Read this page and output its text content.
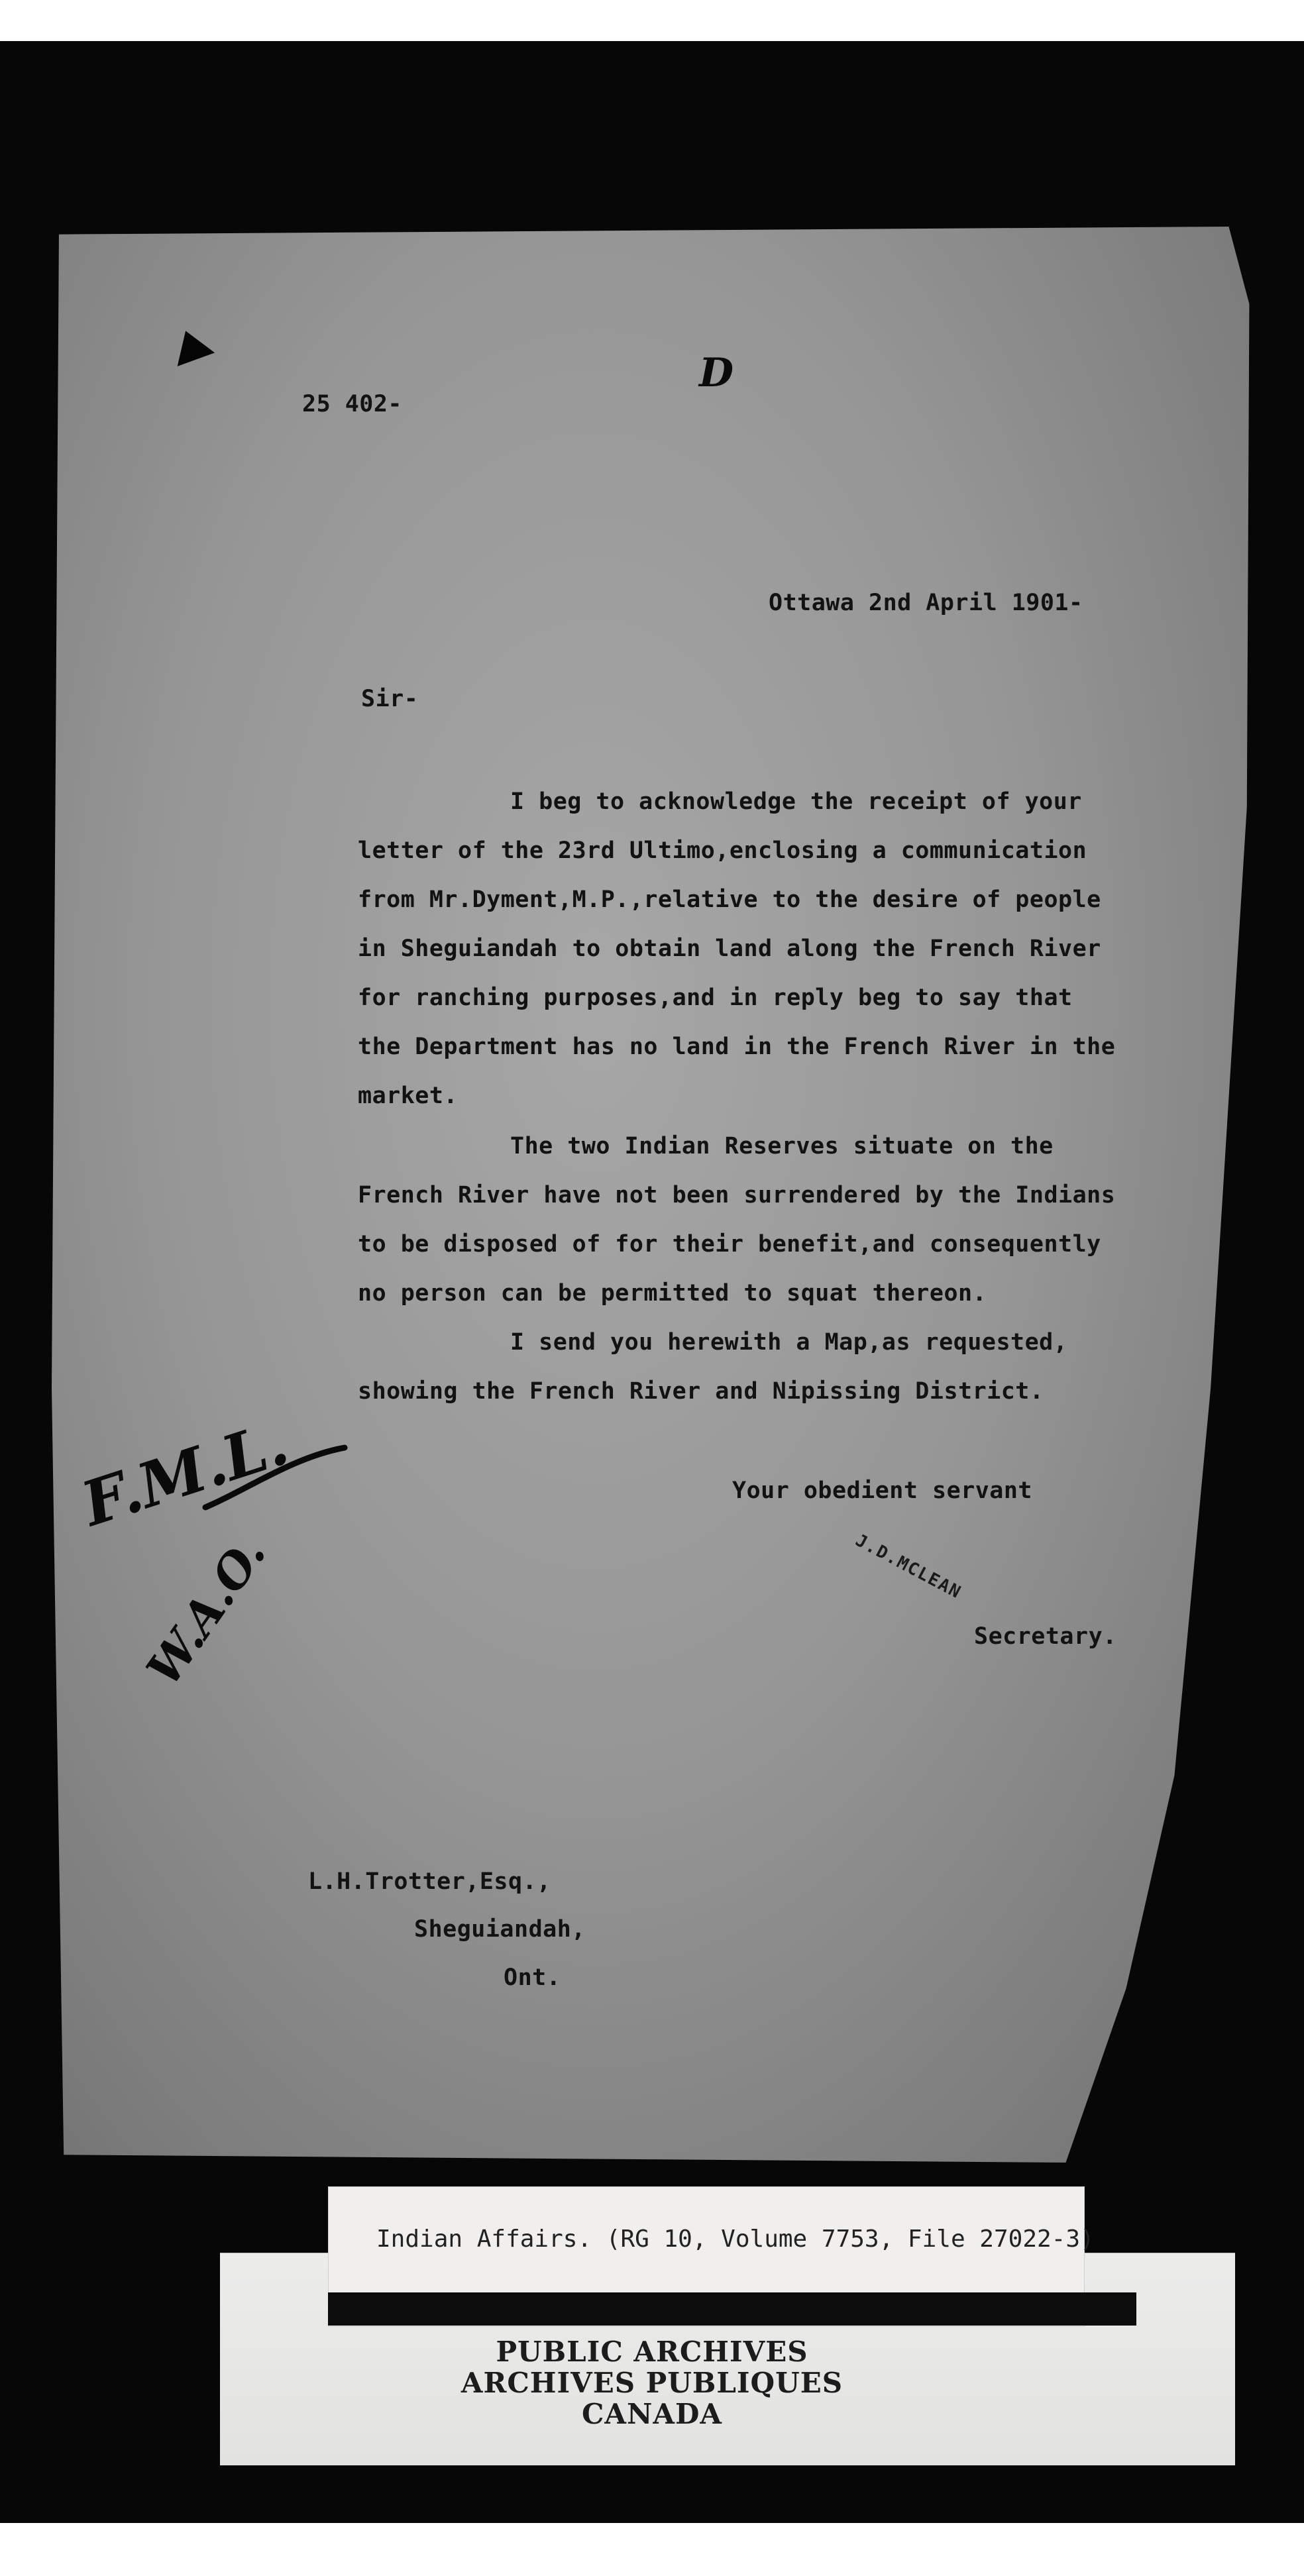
25 402-
D
Ottawa 2nd April 1901-
Sir-
I beg to acknowledge the receipt of your
letter of the 23rd Ultimo,enclosing a communication
from Mr.Dyment,M.P.,relative to the desire of people
in Sheguiandah to obtain land along the French River
for ranching purposes,and in reply beg to say that
the Department has no land in the French River in the
market.
The two Indian Reserves situate on the
French River have not been surrendered by the Indians
to be disposed of for their benefit,and consequently
no person can be permitted to squat thereon.
I send you herewith a Map,as requested,
showing the French River and Nipissing District.
Your obedient servant
J.D.MCLEAN
Secretary.
F.M.L.
W.A.O.
L.H.Trotter,Esq.,
Sheguiandah,
Ont.
Indian Affairs. (RG 10, Volume 7753, File 27022-3)
PUBLIC ARCHIVES
ARCHIVES PUBLIQUES
CANADA
